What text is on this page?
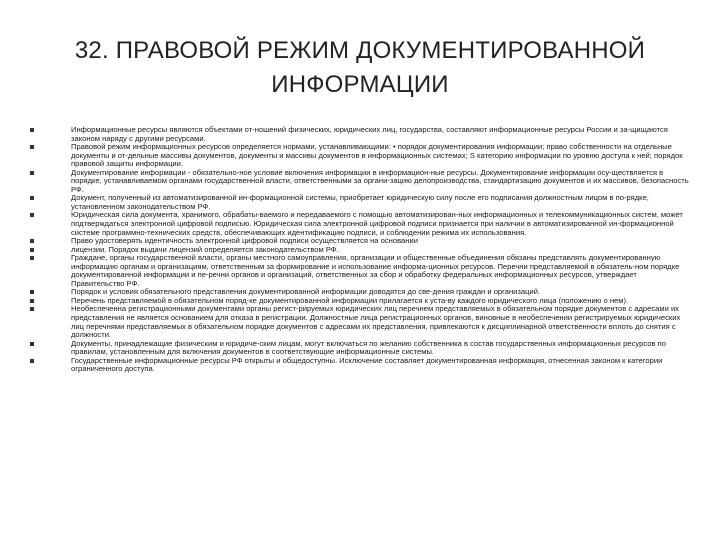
32. ПРАВОВОЙ РЕЖИМ ДОКУМЕНТИРОВАННОЙ ИНФОРМАЦИИ
Информационные ресурсы являются объектами от-ношений физических, юридических лиц, государства, составляют информационные ресурсы России и за-щищаются законом наряду с другими ресурсами.
Правовой режим информационных ресурсов определяется нормами, устанавливающими: • порядок документирования информации; право собственности на отдельные документы и от-дельные массивы документов, документы и массивы документов в информационных системах; S категорию информации по уровню доступа к ней; порядок правовой защиты информации.
Документирование информации - обязательно-ное условие включения информации в информацион-ные ресурсы. Документирование информации осу-ществляется в порядке, устанавливаемом органами государственной власти, ответственными за органи-зацию делопроизводства, стандартизацию документов и их массивов, безопасность РФ.
Документ, полученный из автоматизированной ин-формационной системы, приобретает юридическую силу после его подписания должностным лицом в по-рядке, установленном законодательством РФ.
Юридическая сила документа, хранимого, обрабаты-ваемого и передаваемого с помощью автоматизирован-ных информационных и телекоммуникационных систем, может подтверждаться электронной цифровой подписью. Юридическая сила электронной цифровой подписи признается при наличии в автоматизированной ин-формационной системе программно-технических средств, обеспечивающих идентификацию подписи, и соблюдении режима их использования.
Право удостоверять идентичность электронной цифровой подписи осуществляется на основании
лицензии. Порядок выдачи лицензий определяется законодательством РФ.
Граждане, органы государственной власти, органы местного самоуправления, организации и общественные объединения обязаны представлять документированную информацию органам и организациям, ответственным за формирование и использование информа-ционных ресурсов. Перечни представляемой в обязатель-ном порядке документированной информации и пе-речни органов и организаций, ответственных за сбор и обработку федеральных информационных ресурсов, утверждает Правительство РФ.
Порядок и условия обязательного представления документированной информации доводятся до све-дения граждан и организаций.
Перечень представляемой в обязательном поряд-ке документированной информации прилагается к уста-ву каждого юридического лица (положению о нем).
Необеспеченна регистрационными документами органы регист-рируемых юридических лиц перечнем представляемых в обязательном порядке документов с адресами их представления не является основанием для отказа в регистрации. Должностные лица регистрационных органов, виновные в необеспечении регистрируемых юридических лиц перечнями представляемых в обязательном порядке документов с адресами их представления, привлекаются к дисциплинарной ответственности вплоть до снятия с должности.
Документы, принадлежащие физическим и юридиче-ским лицам, могут включаться по желанию собственника в состав государственных информационных ресурсов по правилам, установленным для включения документов в соответствующие информационные системы.
Государственные информационные ресурсы РФ открыты и общедоступны. Исключение составляет документированная информация, отнесенная законом к категории ограниченного доступа.
